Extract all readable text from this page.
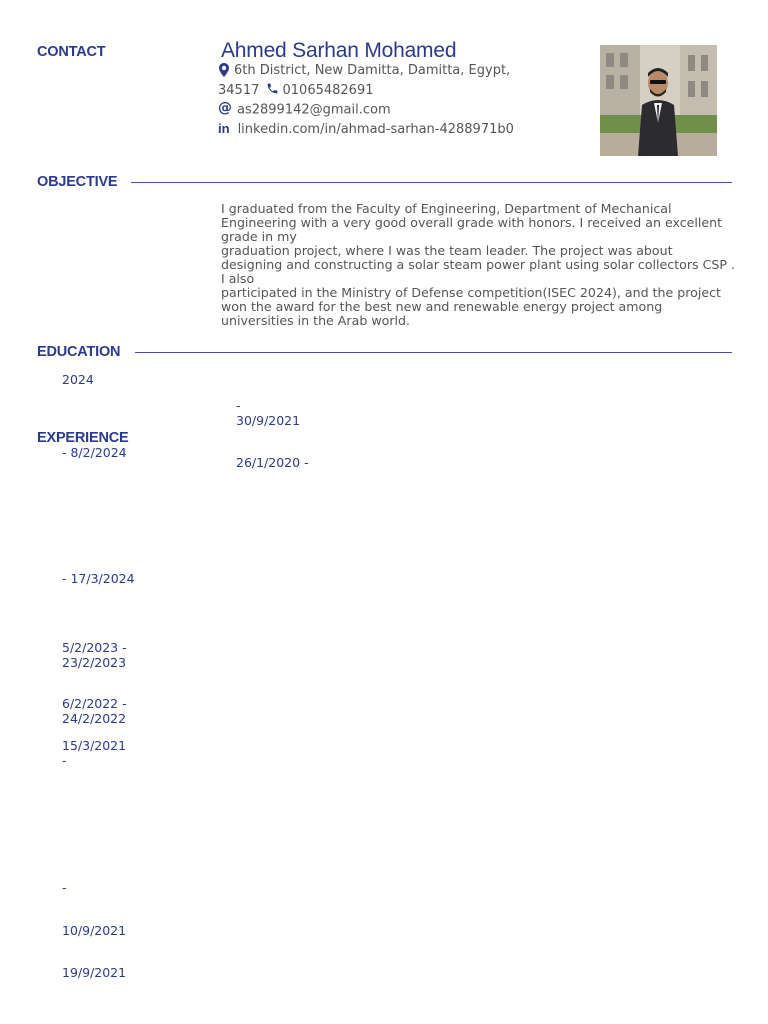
CONTACT
OBJECTIVE
EDUCATION
EXPERIENCE
Ahmed Sarhan Mohamed
6th District, New Damitta, Damitta, Egypt,
34517 01065482691
@ as2899142@gmail.com
in linkedin.com/in/ahmad-sarhan-4288971b0

I graduated from the Faculty of Engineering, Department of Mechanical Engineering with a very good overall grade with honors. I received an excellent grade in my

graduation project, where I was the team leader. The project was about designing and constructing a solar steam power plant using solar collectors CSP . I also

participated in the Ministry of Defense competition(ISEC 2024), and the project won the award for the best new and renewable energy project among universities in the Arab world.

2024
-
30/9/2021
26/1/2020 -
- 8/2/2024
- 17/3/2024
5/2/2023 -
23/2/2023
6/2/2022 -
24/2/2022
15/3/2021
-
-
10/9/2021
19/9/2021
